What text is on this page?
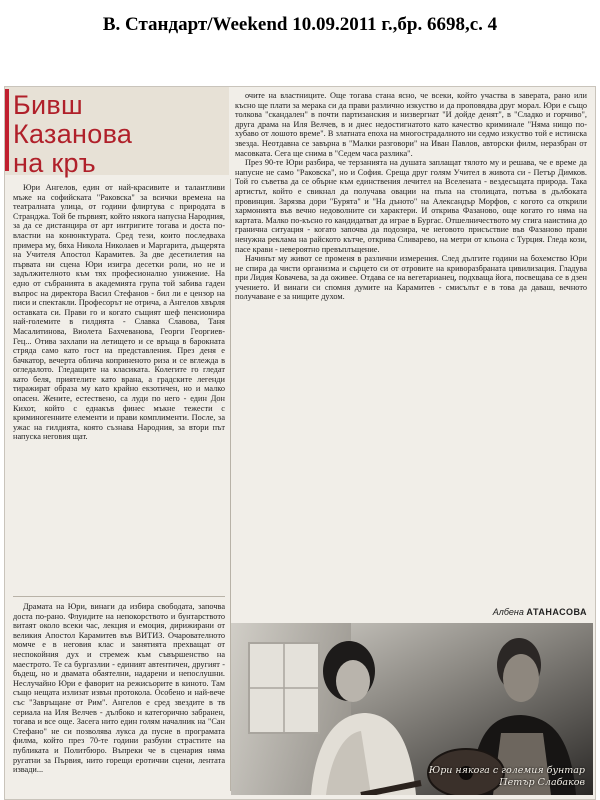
В. Стандарт/Weekend 10.09.2011 г.,бр. 6698,с. 4
Бивш
Казанова
на кръ

Юри Ангелов, един от най-красивите и талантливи мъже на софийската "Раковска" за всички времена на театралната улица, от години флиртува с природата в Странджа. Той бе първият, който някога напусна Народния, за да се дистанцира от арт интригите тогава и доста по-властни на конюнктурата. Сред тези, които последваха примера му, бяха Никола Николаев и Маргарита, дъщерята на Учителя Апостол Карамитев. За две десетилетия на първата ни сцена Юри изигра десетки роли, но не и задължителното към тях професионално унижение. На едно от събранията в академията група той забива гаден въпрос на директора Васил Стефанов - бил ли е цензор на писи и спектакли. Професорът не отрича, а Ангелов хвърля оставката си. Прави го и когато същият шеф пенсионира най-големите в гилдията - Славка Славова, Таня Масалитинова, Виолета Бахчеванова, Георги Георгиев-Гец... Отива захлапи на летището и се връща в барокната стряда само като гост на представления. През деня е бачкатор, вечерта облича коприненото риза и се вглежда в огледалото. Гледащите на класиката. Колегите го гледат като беля, приятелите като врана, а градските легенди тиражират образа му като крайно екзотичен, но и малко опасен. Жените, естествено, са луди по него - един Дон Кихот, който с еднакъв финес мъкне тежести с криминогенните елементи и прави комплименти. После, за ужас на гилдията, която съзнава Народния, за втори път напуска неговия щат.

Драмата на Юри, винаги да избира свободата, започва доста по-рано. Флуидите на непокорството и бунтарството витаят около всеки час, лекция и емоция, дирижирани от великия Апостол Карамитев във ВИТИЗ. Очарователното момче е в неговия клас и занятията прехващат от неспокойния дух и стремеж към съвършенство на маестрото. Те са бургазлии - единият автентичен, другият - бъдещ, но и двамата обаятелни, надарени и непослушни. Неслучайно Юри е фаворит на режисьорите в киното. Там също нещата излизат извън протокола. Особено и най-вече със "Завръщане от Рим". Ангелов е сред звездите в тв сериала на Иля Велчев - дълбоко и категорично забранен, тогава и все още. Засега нито един голям началник на "Сан Стефано" не си позволява лукса да пусне в програмата филма, който през 70-те години разбуни страстите на публиката и Политбюро. Въпреки че в сценария няма ругатни за Първия, нито горещи еротични сцени, лентата извади...

очите на властниците. Още тогава стана ясно, че всеки, който участва в заверата, рано или късно ще плати за мерака си да прави различно изкуство и да проповядва друг морал. Юри е също толкова "скандален" в почти партизанския и низвергнат "И дойде денят", в "Сладко и горчиво", друга драма на Иля Велчев, в и днес недостигнатото като качество криминале "Няма нищо по-хубаво от лошото време". В златната епоха на многострадалното ни седмо изкуство той е истинска звезда. Неотдавна се завърна в "Малки разговори" на Иван Павлов, авторски филм, неразбран от масовката. Сега ще снима в "Седем часа разлика".

През 90-те Юри разбира, че терзанията на душата заплащат тялото му и решава, че е време да напусне не само "Раковска", но и София. Среща друг голям Учител в живота си - Петър Димков. Той го съветва да се обърне към единствения лечител на Вселената - вездесъщата природа. Така артистът, който е свикнал да получава овации на пъпа на столицата, потъва в дълбоката провинция. Зарязва дори "Бурята" и "На дъното" на Александър Морфов, с когото са открили хармонията във вечно недоволните си характери. И открива Фазаново, още когато го няма на картата. Малко по-късно го кандидатват да играе в Бургас. Отшелничеството му стига наистина до гранична ситуация - когато започва да подозира, че неговото присъствие във Фазаново прави ненужна реклама на райското кътче, открива Сливарево, на метри от кльона с Турция. Гледа кози, пасе крави - невероятно превъплъщение.

Начинът му живот се променя в различни измерения. След дългите години на бохемство Юри не спира да чисти организма и сърцето си от отровите на криворазбраната цивилизация. Гладува при Лидия Ковачева, за да оживее. Отдава се на вегетарианец, подхваща йога, посвещава се в дзен учението. И винаги си спомня думите на Карамитев - смисълът е в това да даваш, вечното получаване е за нищите духом.

Албена АТАНАСОВА
Юри някога с големия бунтар
Петър Слабаков
